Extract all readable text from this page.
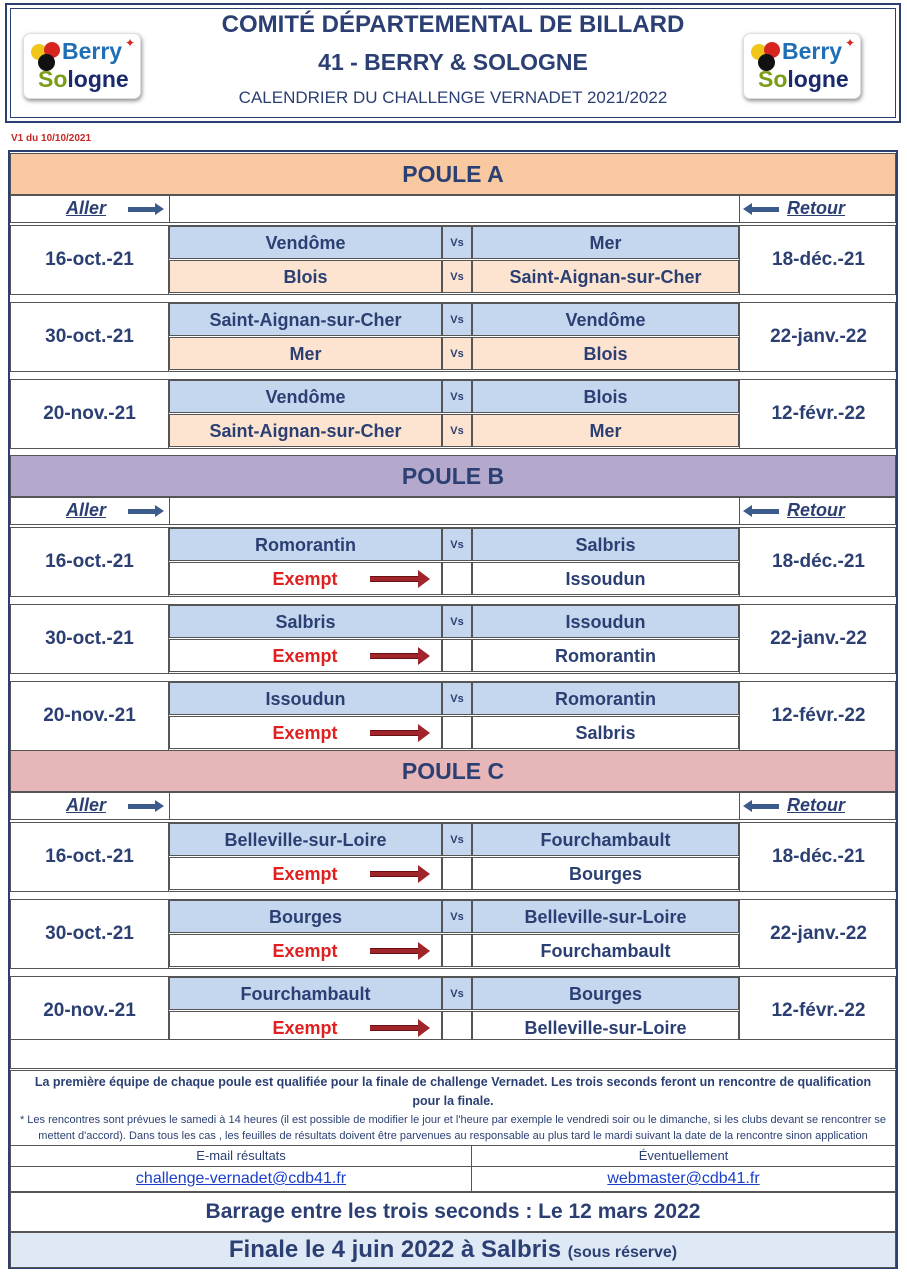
COMITÉ DÉPARTEMENTAL DE BILLARD
41 - BERRY & SOLOGNE
CALENDRIER DU CHALLENGE VERNADET 2021/2022
Berry
Sologne
✦	Berry
Sologne
✦
V1 du 10/10/2021
POULE A
Aller	Retour
16-oct.-21	18-déc.-21
Vendôme	Vs	Mer
Blois	Vs	Saint-Aignan-sur-Cher
30-oct.-21	22-janv.-22
Saint-Aignan-sur-Cher	Vs	Vendôme
Mer	Vs	Blois
20-nov.-21	12-févr.-22
Vendôme	Vs	Blois
Saint-Aignan-sur-Cher	Vs	Mer
POULE B
Aller	Retour
16-oct.-21	18-déc.-21
Romorantin	Vs	Salbris
Exempt	Issoudun
30-oct.-21	22-janv.-22
Salbris	Vs	Issoudun
Exempt	Romorantin
20-nov.-21	12-févr.-22
Issoudun	Vs	Romorantin
Exempt	Salbris
POULE C
Aller	Retour
16-oct.-21	18-déc.-21
Belleville-sur-Loire	Vs	Fourchambault
Exempt	Bourges
30-oct.-21	22-janv.-22
Bourges	Vs	Belleville-sur-Loire
Exempt	Fourchambault
20-nov.-21	12-févr.-22
Fourchambault	Vs	Bourges
Exempt	Belleville-sur-Loire
La première équipe de chaque poule est qualifiée pour la finale de challenge Vernadet. Les trois seconds feront un rencontre de qualification pour la finale.
* Les rencontres sont prévues le samedi à 14 heures (il est possible de modifier le jour et l'heure par exemple le vendredi soir ou le dimanche, si les clubs devant se rencontrer se mettent d'accord). Dans tous les cas , les feuilles de résultats doivent être parvenues au responsable au plus tard le mardi suivant la date de la rencontre sinon application
E-mail résultats
challenge-vernadet@cdb41.fr
Éventuellement
webmaster@cdb41.fr
Barrage entre les trois seconds : Le 12 mars 2022
Finale le 4 juin 2022 à Salbris (sous réserve)
